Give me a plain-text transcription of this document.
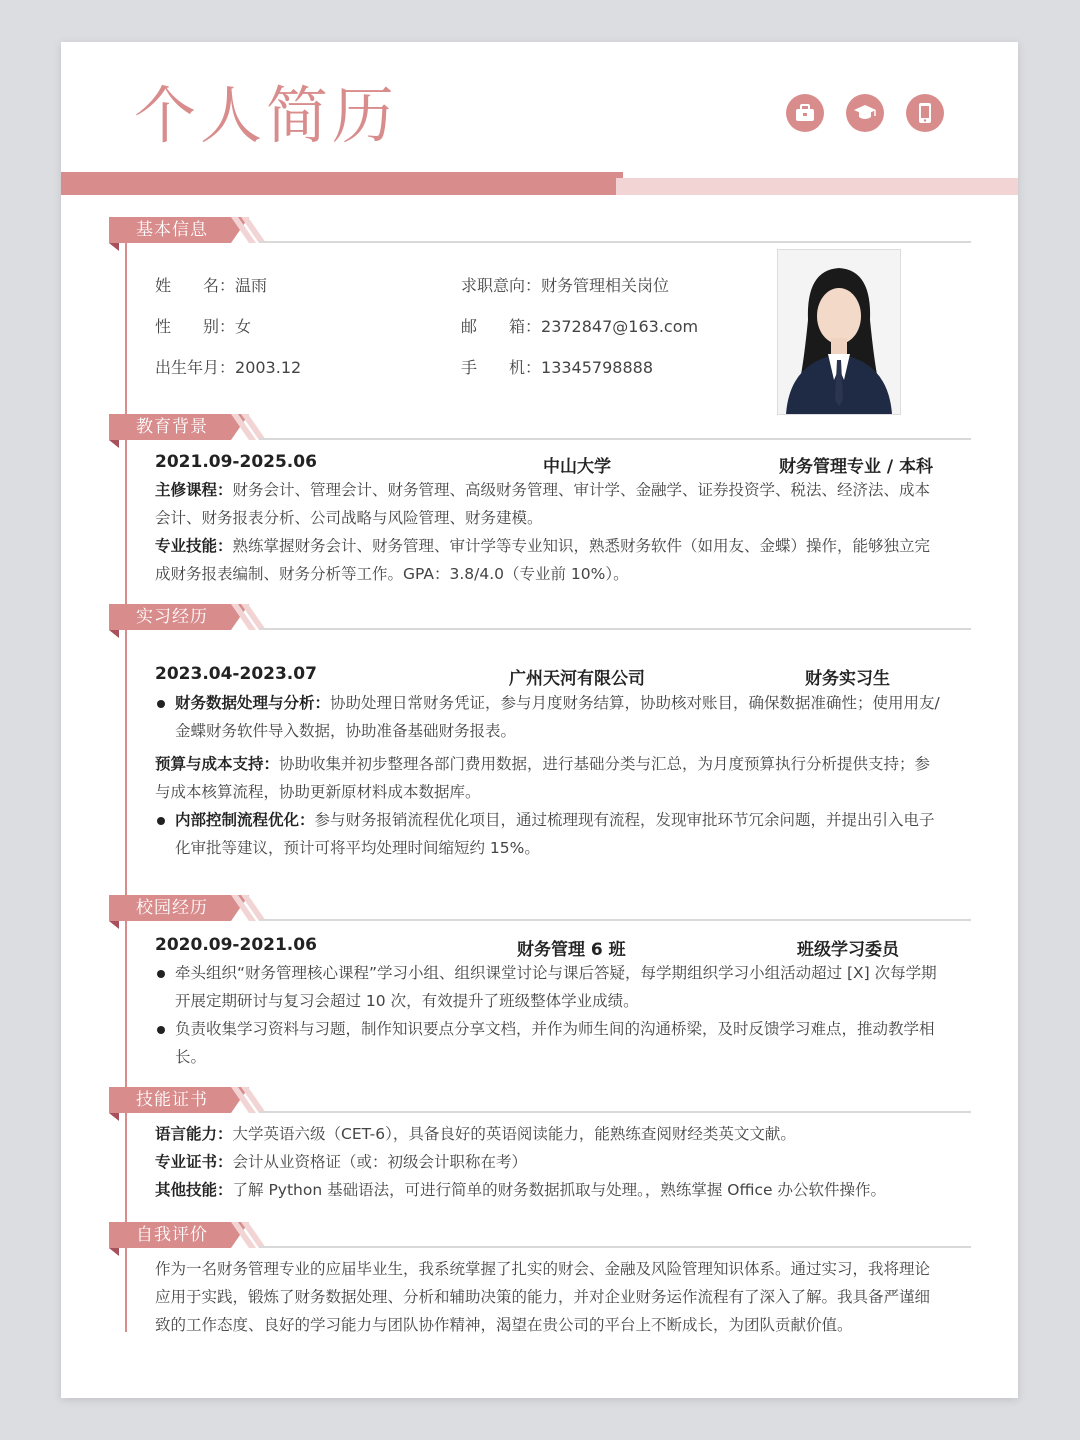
个人简历
基本信息
姓　　名：温雨
性　　别：女
出生年月：2003.12
求职意向：财务管理相关岗位
邮　　箱：2372847@163.com
手　　机：13345798888
教育背景
2021.09-2025.06	中山大学	财务管理专业 / 本科

主修课程：财务会计、管理会计、财务管理、高级财务管理、审计学、金融学、证券投资学、税法、经济法、成本会计、财务报表分析、公司战略与风险管理、财务建模。

专业技能：熟练掌握财务会计、财务管理、审计学等专业知识，熟悉财务软件（如用友、金蝶）操作，能够独立完成财务报表编制、财务分析等工作。GPA：3.8/4.0（专业前 10%）。

实习经历
2023.04-2023.07	广州天河有限公司	财务实习生
财务数据处理与分析：协助处理日常财务凭证，参与月度财务结算，协助核对账目，确保数据准确性；使用用友/金蝶财务软件导入数据，协助准备基础财务报表。

预算与成本支持：协助收集并初步整理各部门费用数据，进行基础分类与汇总，为月度预算执行分析提供支持；参与成本核算流程，协助更新原材料成本数据库。

内部控制流程优化：参与财务报销流程优化项目，通过梳理现有流程，发现审批环节冗余问题，并提出引入电子化审批等建议，预计可将平均处理时间缩短约 15%。
校园经历
2020.09-2021.06	财务管理 6 班	班级学习委员
牵头组织“财务管理核心课程”学习小组、组织课堂讨论与课后答疑，每学期组织学习小组活动超过 [X] 次每学期开展定期研讨与复习会超过 10 次，有效提升了班级整体学业成绩。
负责收集学习资料与习题，制作知识要点分享文档，并作为师生间的沟通桥梁，及时反馈学习难点，推动教学相长。
技能证书

语言能力：大学英语六级（CET-6），具备良好的英语阅读能力，能熟练查阅财经类英文文献。

专业证书：会计从业资格证（或：初级会计职称在考）

其他技能：了解 Python 基础语法，可进行简单的财务数据抓取与处理。，熟练掌握 Office 办公软件操作。

自我评价

作为一名财务管理专业的应届毕业生，我系统掌握了扎实的财会、金融及风险管理知识体系。通过实习，我将理论应用于实践，锻炼了财务数据处理、分析和辅助决策的能力，并对企业财务运作流程有了深入了解。我具备严谨细致的工作态度、良好的学习能力与团队协作精神，渴望在贵公司的平台上不断成长，为团队贡献价值。
